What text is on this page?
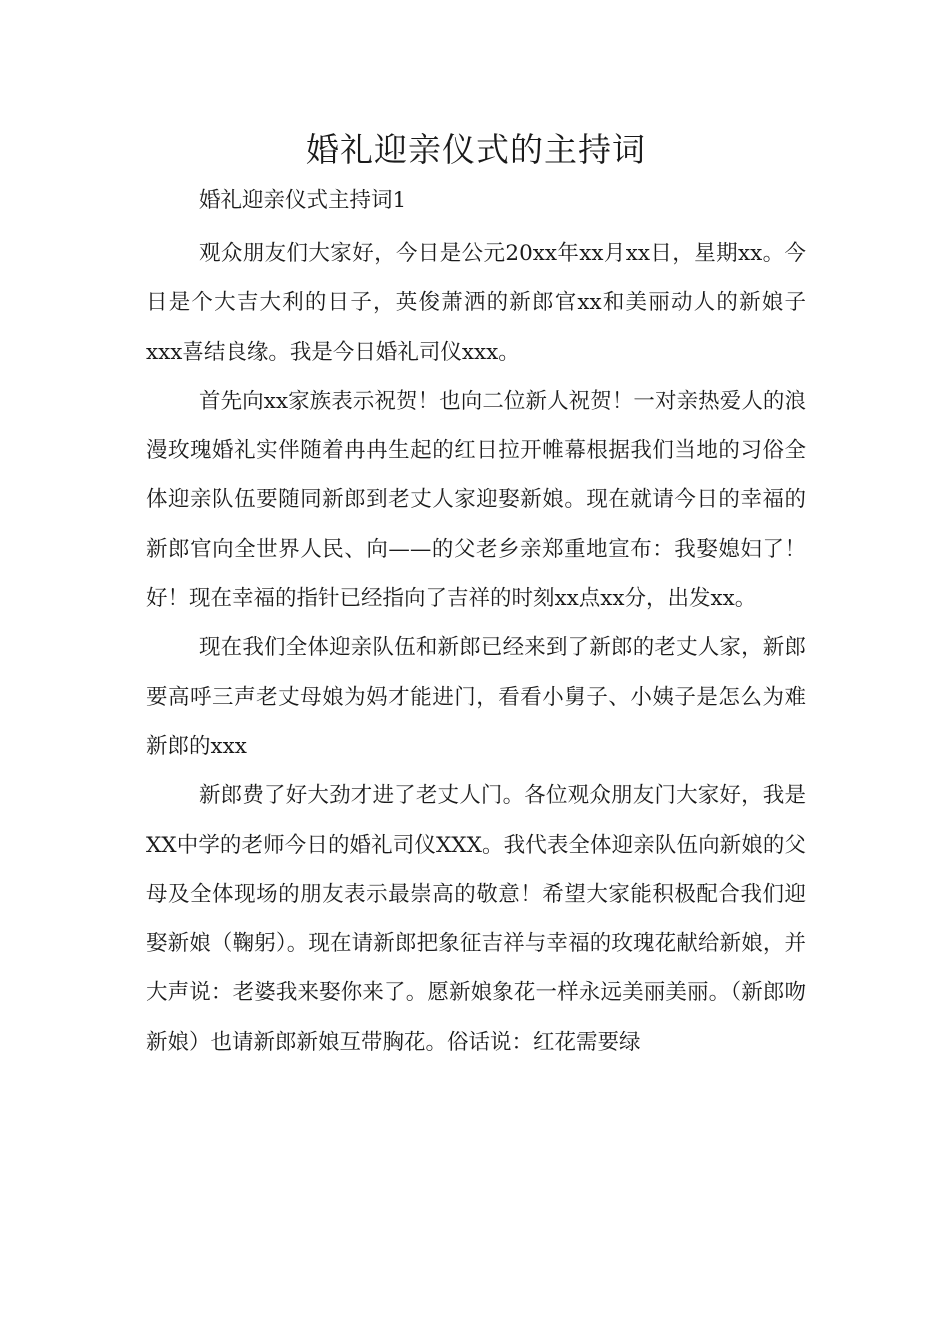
婚礼迎亲仪式的主持词

婚礼迎亲仪式主持词1

观众朋友们大家好，今日是公元20xx年xx月xx日，星期xx。今日是个大吉大利的日子，英俊萧洒的新郎官xx和美丽动人的新娘子xxx喜结良缘。我是今日婚礼司仪xxx。

首先向xx家族表示祝贺！也向二位新人祝贺！一对亲热爱人的浪漫玫瑰婚礼实伴随着冉冉生起的红日拉开帷幕根据我们当地的习俗全体迎亲队伍要随同新郎到老丈人家迎娶新娘。现在就请今日的幸福的新郎官向全世界人民、向——的父老乡亲郑重地宣布：我娶媳妇了！好！现在幸福的指针已经指向了吉祥的时刻xx点xx分，出发xx。

现在我们全体迎亲队伍和新郎已经来到了新郎的老丈人家，新郎要高呼三声老丈母娘为妈才能进门，看看小舅子、小姨子是怎么为难新郎的xxx

新郎费了好大劲才进了老丈人门。各位观众朋友门大家好，我是XX中学的老师今日的婚礼司仪XXX。我代表全体迎亲队伍向新娘的父母及全体现场的朋友表示最崇高的敬意！希望大家能积极配合我们迎娶新娘（鞠躬）。现在请新郎把象征吉祥与幸福的玫瑰花献给新娘，并大声说：老婆我来娶你来了。愿新娘象花一样永远美丽美丽。（新郎吻新娘）也请新郎新娘互带胸花。俗话说：红花需要绿
